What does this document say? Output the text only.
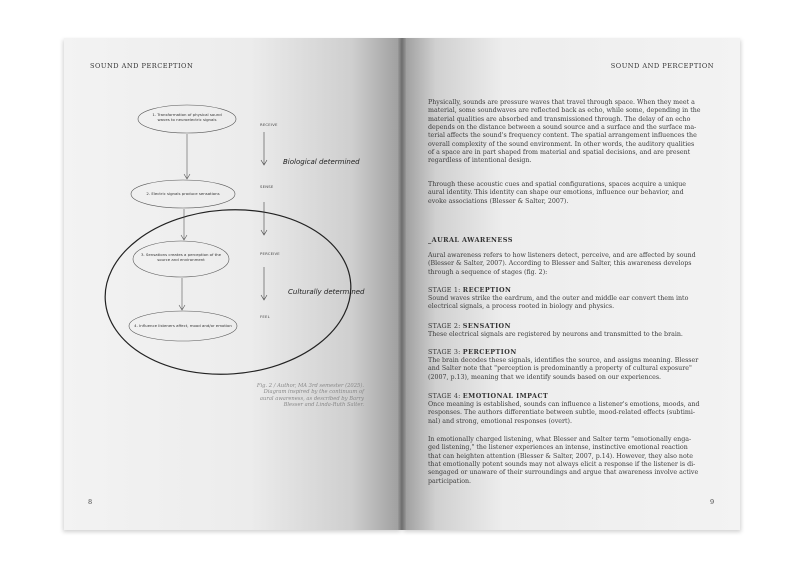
SOUND AND PERCEPTION	SOUND AND PERCEPTION
1. Transformation of physical sound
waves to neuroelectric signals
2. Electric signals produce sensations
3. Sensations creates a perception of the
source and environment
4. Influence listeners affect, mood and/or emotion
RECEIVE
SENSE
PERCEIVE
FEEL
Biological determined
Culturally determined
Fig. 2 / Author, MA 3rd semester (2025).
Diagram inspired by the continuum of
aural awareness, as described by Barry
Blesser and Linda-Ruth Salter.
Physically, sounds are pressure waves that travel through space. When they meet a
material, some soundwaves are reflected back as echo, while some, depending in the
material qualities are absorbed and transmissioned through. The delay of an echo
depends on the distance between a sound source and a surface and the surface ma-
terial affects the sound's frequency content. The spatial arrangement influences the
overall complexity of the sound environment. In other words, the auditory qualities
of a space are in part shaped from material and spatial decisions, and are present
regardless of intentional design.
Through these acoustic cues and spatial configurations, spaces acquire a unique
aural identity. This identity can shape our emotions, influence our behavior, and
evoke associations (Blesser & Salter, 2007).
_AURAL AWARENESS
Aural awareness refers to how listeners detect, perceive, and are affected by sound
(Blesser & Salter, 2007). According to Blesser and Salter, this awareness develops
through a sequence of stages (fig. 2):
STAGE 1: RECEPTION
Sound waves strike the eardrum, and the outer and middle ear convert them into
electrical signals, a process rooted in biology and physics.
STAGE 2: SENSATION
These electrical signals are registered by neurons and transmitted to the brain.
STAGE 3: PERCEPTION
The brain decodes these signals, identifies the source, and assigns meaning. Blesser
and Salter note that "perception is predominantly a property of cultural exposure"
(2007, p.13), meaning that we identify sounds based on our experiences.
STAGE 4: EMOTIONAL IMPACT
Once meaning is established, sounds can influence a listener's emotions, moods, and
responses. The authors differentiate between subtle, mood-related effects (subtimi-
nal) and strong, emotional responses (overt).
In emotionally charged listening, what Blesser and Salter term "emotionally enga-
ged listening," the listener experiences an intense, instinctive emotional reaction
that can heighten attention (Blesser & Salter, 2007, p.14). However, they also note
that emotionally potent sounds may not always elicit a response if the listener is di-
sengaged or unaware of their surroundings and argue that awareness involve active
participation.
8	9
